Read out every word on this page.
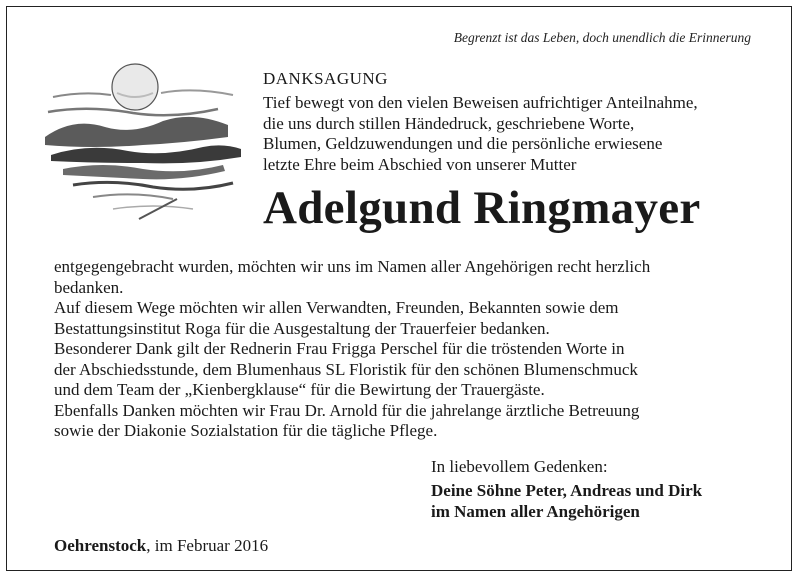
Begrenzt ist das Leben, doch unendlich die Erinnerung
DANKSAGUNG
Tief bewegt von den vielen Beweisen aufrichtiger Anteilnahme,
die uns durch stillen Händedruck, geschriebene Worte,
Blumen, Geldzuwendungen und die persönliche erwiesene
letzte Ehre beim Abschied von unserer Mutter
Adelgund Ringmayer
entgegengebracht wurden, möchten wir uns im Namen aller Angehörigen recht herzlich
bedanken.
Auf diesem Wege möchten wir allen Verwandten, Freunden, Bekannten sowie dem
Bestattungsinstitut Roga für die Ausgestaltung der Trauerfeier bedanken.
Besonderer Dank gilt der Rednerin Frau Frigga Perschel für die tröstenden Worte in
der Abschiedsstunde, dem Blumenhaus SL Floristik für den schönen Blumenschmuck
und dem Team der „Kienbergklause“ für die Bewirtung der Trauergäste.
Ebenfalls Danken möchten wir Frau Dr. Arnold für die jahrelange ärztliche Betreuung
sowie der Diakonie Sozialstation für die tägliche Pflege.
In liebevollem Gedenken:
Deine Söhne Peter, Andreas und Dirk
im Namen aller Angehörigen
Oehrenstock, im Februar 2016
